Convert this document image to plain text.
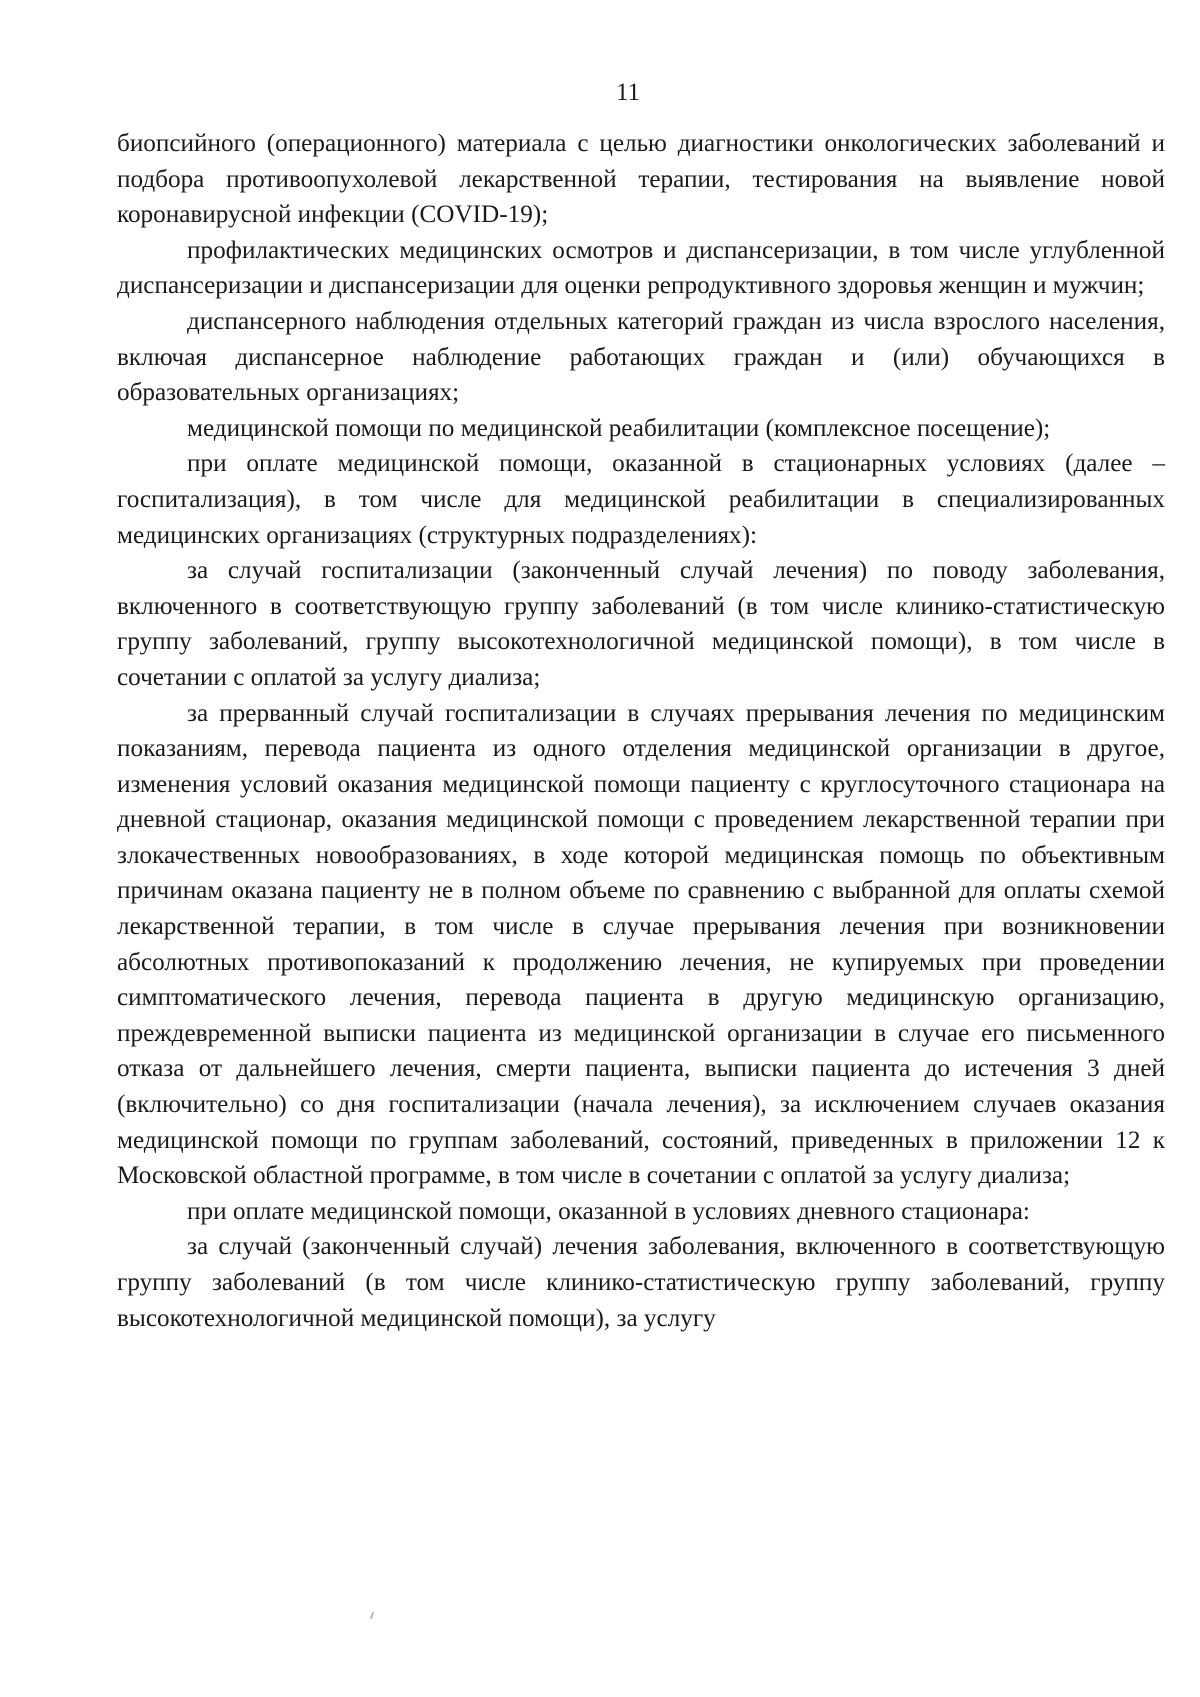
11

биопсийного (операционного) материала с целью диагностики онкологических заболеваний и подбора противоопухолевой лекарственной терапии, тестирования на выявление новой коронавирусной инфекции (COVID-19);

профилактических медицинских осмотров и диспансеризации, в том числе углубленной диспансеризации и диспансеризации для оценки репродуктивного здоровья женщин и мужчин;

диспансерного наблюдения отдельных категорий граждан из числа взрослого населения, включая диспансерное наблюдение работающих граждан и (или) обучающихся в образовательных организациях;

медицинской помощи по медицинской реабилитации (комплексное посещение);

при оплате медицинской помощи, оказанной в стационарных условиях (далее – госпитализация), в том числе для медицинской реабилитации в специализированных медицинских организациях (структурных подразделениях):

за случай госпитализации (законченный случай лечения) по поводу заболевания, включенного в соответствующую группу заболеваний (в том числе клинико-статистическую группу заболеваний, группу высокотехнологичной медицинской помощи), в том числе в сочетании с оплатой за услугу диализа;

за прерванный случай госпитализации в случаях прерывания лечения по медицинским показаниям, перевода пациента из одного отделения медицинской организации в другое, изменения условий оказания медицинской помощи пациенту с круглосуточного стационара на дневной стационар, оказания медицинской помощи с проведением лекарственной терапии при злокачественных новообразованиях, в ходе которой медицинская помощь по объективным причинам оказана пациенту не в полном объеме по сравнению с выбранной для оплаты схемой лекарственной терапии, в том числе в случае прерывания лечения при возникновении абсолютных противопоказаний к продолжению лечения, не купируемых при проведении симптоматического лечения, перевода пациента в другую медицинскую организацию, преждевременной выписки пациента из медицинской организации в случае его письменного отказа от дальнейшего лечения, смерти пациента, выписки пациента до истечения 3 дней (включительно) со дня госпитализации (начала лечения), за исключением случаев оказания медицинской помощи по группам заболеваний, состояний, приведенных в приложении 12 к Московской областной программе, в том числе в сочетании с оплатой за услугу диализа;

при оплате медицинской помощи, оказанной в условиях дневного стационара:

за случай (законченный случай) лечения заболевания, включенного в соответствующую группу заболеваний (в том числе клинико-статистическую группу заболеваний, группу высокотехнологичной медицинской помощи), за услугу
